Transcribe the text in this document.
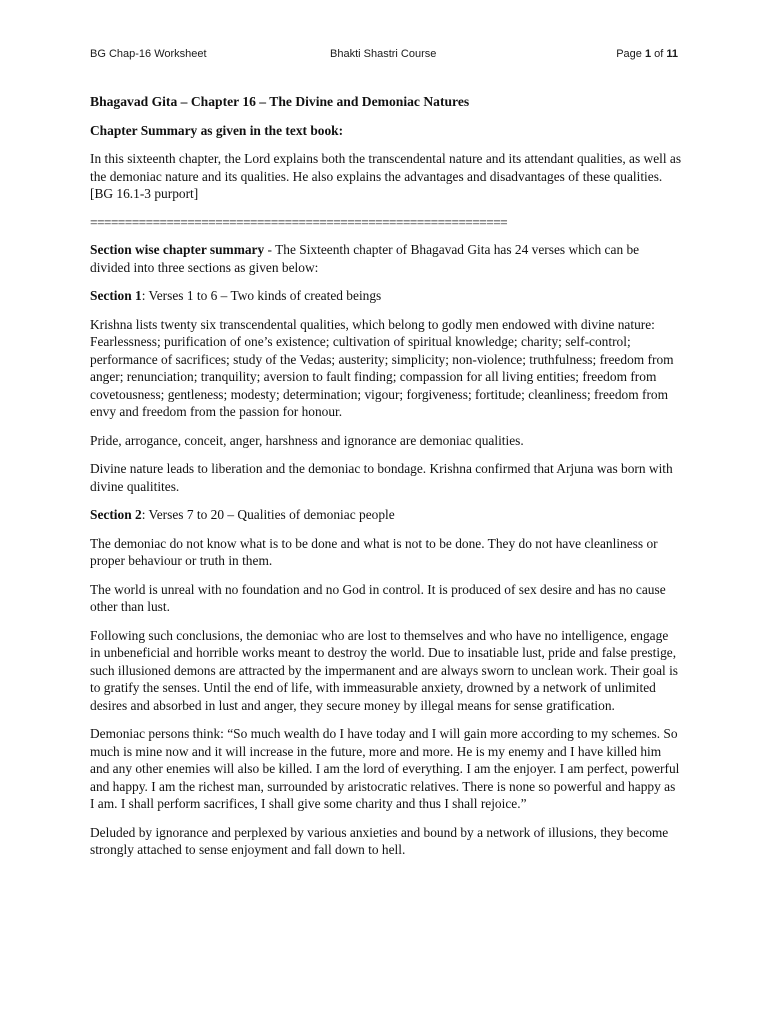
BG Chap-16 Worksheet	Bhakti Shastri Course	Page 1 of 11

Bhagavad Gita – Chapter 16 – The Divine and Demoniac Natures

Chapter Summary as given in the text book:

In this sixteenth chapter, the Lord explains both the transcendental nature and its attendant qualities, as well as the demoniac nature and its qualities. He also explains the advantages and disadvantages of these qualities. [BG 16.1-3 purport]

============================================================

Section wise chapter summary - The Sixteenth chapter of Bhagavad Gita has 24 verses which can be divided into three sections as given below:

Section 1: Verses 1 to 6 – Two kinds of created beings

Krishna lists twenty six transcendental qualities, which belong to godly men endowed with divine nature: Fearlessness; purification of one’s existence; cultivation of spiritual knowledge; charity; self-control; performance of sacrifices; study of the Vedas; austerity; simplicity; non-violence; truthfulness; freedom from anger; renunciation; tranquility; aversion to fault finding; compassion for all living entities; freedom from covetousness; gentleness; modesty; determination; vigour; forgiveness; fortitude; cleanliness; freedom from envy and freedom from the passion for honour.

Pride, arrogance, conceit, anger, harshness and ignorance are demoniac qualities.

Divine nature leads to liberation and the demoniac to bondage. Krishna confirmed that Arjuna was born with divine qualitites.

Section 2: Verses 7 to 20 – Qualities of demoniac people

The demoniac do not know what is to be done and what is not to be done. They do not have cleanliness or proper behaviour or truth in them.

The world is unreal with no foundation and no God in control. It is produced of sex desire and has no cause other than lust.

Following such conclusions, the demoniac who are lost to themselves and who have no intelligence, engage in unbeneficial and horrible works meant to destroy the world. Due to insatiable lust, pride and false prestige, such illusioned demons are attracted by the impermanent and are always sworn to unclean work. Their goal is to gratify the senses. Until the end of life, with immeasurable anxiety, drowned by a network of unlimited desires and absorbed in lust and anger, they secure money by illegal means for sense gratification.

Demoniac persons think: “So much wealth do I have today and I will gain more according to my schemes. So much is mine now and it will increase in the future, more and more. He is my enemy and I have killed him and any other enemies will also be killed. I am the lord of everything. I am the enjoyer. I am perfect, powerful and happy. I am the richest man, surrounded by aristocratic relatives. There is none so powerful and happy as I am. I shall perform sacrifices, I shall give some charity and thus I shall rejoice.”

Deluded by ignorance and perplexed by various anxieties and bound by a network of illusions, they become strongly attached to sense enjoyment and fall down to hell.
